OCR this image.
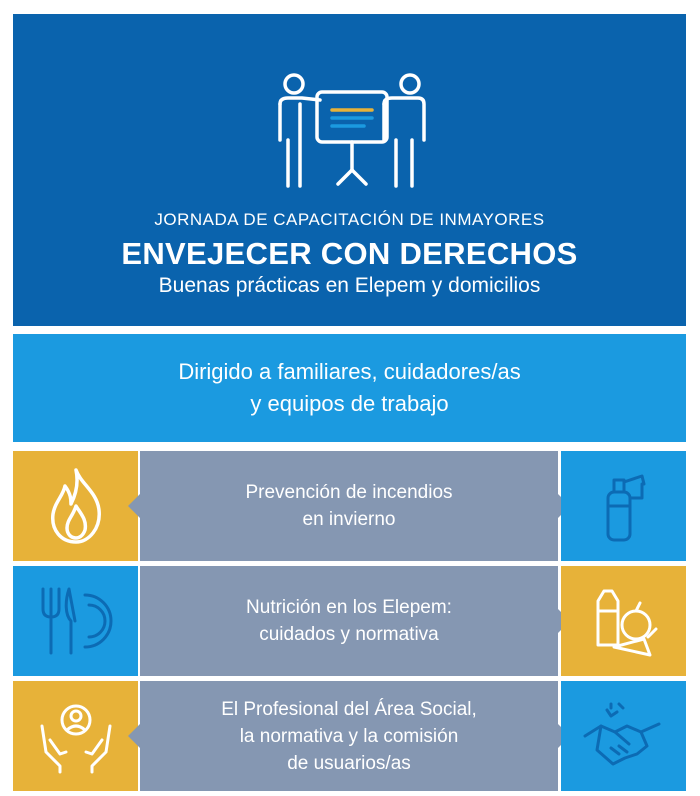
JORNADA DE CAPACITACIÓN DE INMAYORES
ENVEJECER CON DERECHOS
Buenas prácticas en Elepem y domicilios
Dirigido a familiares, cuidadores/as
y equipos de trabajo
Prevención de incendios
en invierno
Nutrición en los Elepem:
cuidados y normativa
El Profesional del Área Social,
la normativa y la comisión
de usuarios/as
